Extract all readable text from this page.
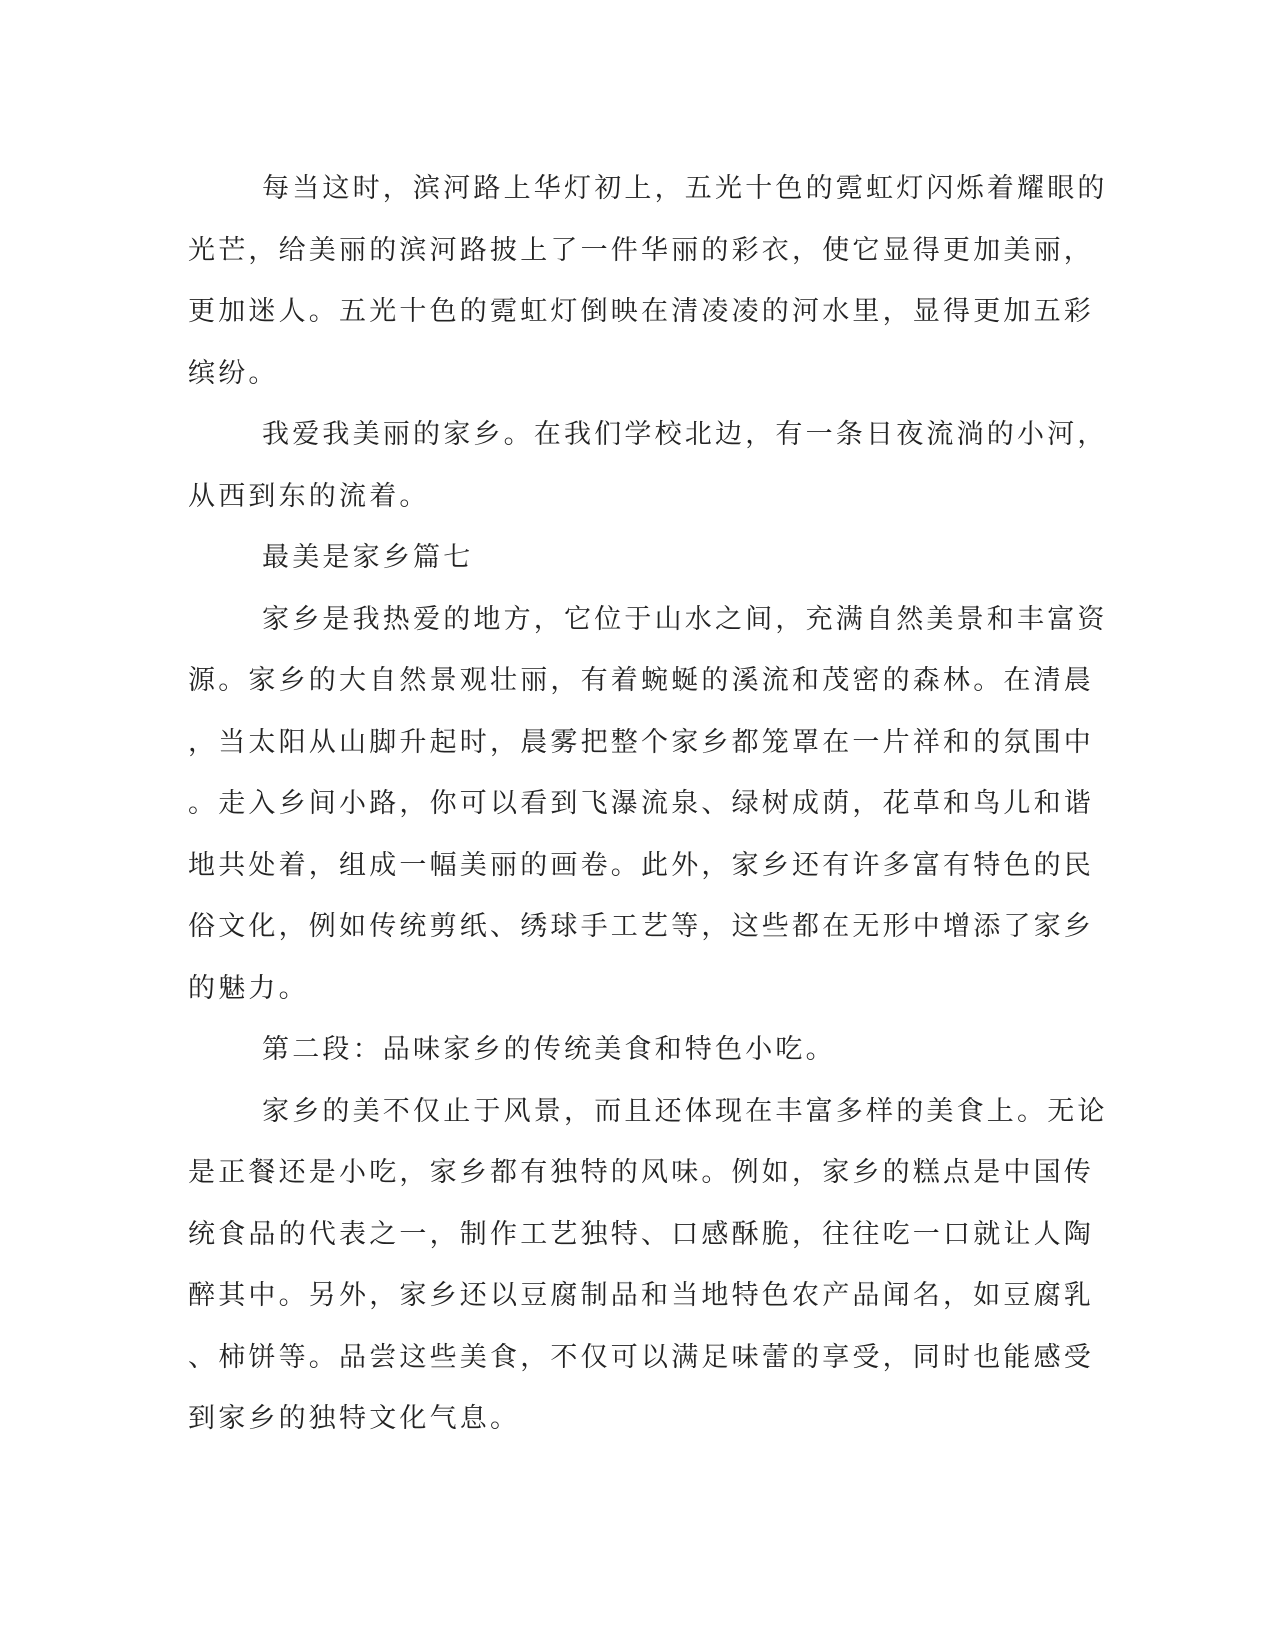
每当这时，滨河路上华灯初上，五光十色的霓虹灯闪烁着耀眼的
光芒，给美丽的滨河路披上了一件华丽的彩衣，使它显得更加美丽，
更加迷人。五光十色的霓虹灯倒映在清凌凌的河水里，显得更加五彩
缤纷。
我爱我美丽的家乡。在我们学校北边，有一条日夜流淌的小河，
从西到东的流着。
最美是家乡篇七
家乡是我热爱的地方，它位于山水之间，充满自然美景和丰富资
源。家乡的大自然景观壮丽，有着蜿蜒的溪流和茂密的森林。在清晨
，当太阳从山脚升起时，晨雾把整个家乡都笼罩在一片祥和的氛围中
。走入乡间小路，你可以看到飞瀑流泉、绿树成荫，花草和鸟儿和谐
地共处着，组成一幅美丽的画卷。此外，家乡还有许多富有特色的民
俗文化，例如传统剪纸、绣球手工艺等，这些都在无形中增添了家乡
的魅力。
第二段：品味家乡的传统美食和特色小吃。
家乡的美不仅止于风景，而且还体现在丰富多样的美食上。无论
是正餐还是小吃，家乡都有独特的风味。例如，家乡的糕点是中国传
统食品的代表之一，制作工艺独特、口感酥脆，往往吃一口就让人陶
醉其中。另外，家乡还以豆腐制品和当地特色农产品闻名，如豆腐乳
、柿饼等。品尝这些美食，不仅可以满足味蕾的享受，同时也能感受
到家乡的独特文化气息。
